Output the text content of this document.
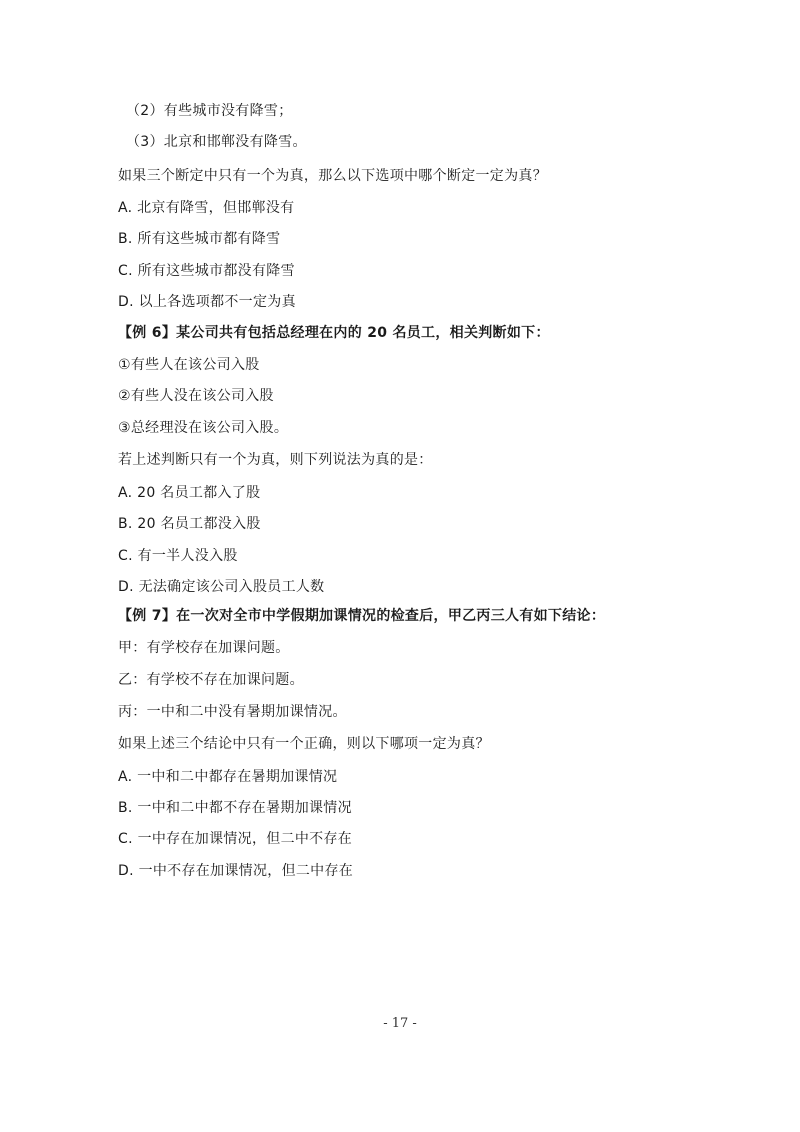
（2）有些城市没有降雪；
（3）北京和邯郸没有降雪。
如果三个断定中只有一个为真，那么以下选项中哪个断定一定为真？
A. 北京有降雪，但邯郸没有
B. 所有这些城市都有降雪
C. 所有这些城市都没有降雪
D. 以上各选项都不一定为真
【例 6】某公司共有包括总经理在内的 20 名员工，相关判断如下：
①有些人在该公司入股
②有些人没在该公司入股
③总经理没在该公司入股。
若上述判断只有一个为真，则下列说法为真的是：
A. 20 名员工都入了股
B. 20 名员工都没入股
C. 有一半人没入股
D. 无法确定该公司入股员工人数
【例 7】在一次对全市中学假期加课情况的检查后，甲乙丙三人有如下结论：
甲：有学校存在加课问题。
乙：有学校不存在加课问题。
丙：一中和二中没有暑期加课情况。
如果上述三个结论中只有一个正确，则以下哪项一定为真？
A. 一中和二中都存在暑期加课情况
B. 一中和二中都不存在暑期加课情况
C. 一中存在加课情况，但二中不存在
D. 一中不存在加课情况，但二中存在
- 17 -
